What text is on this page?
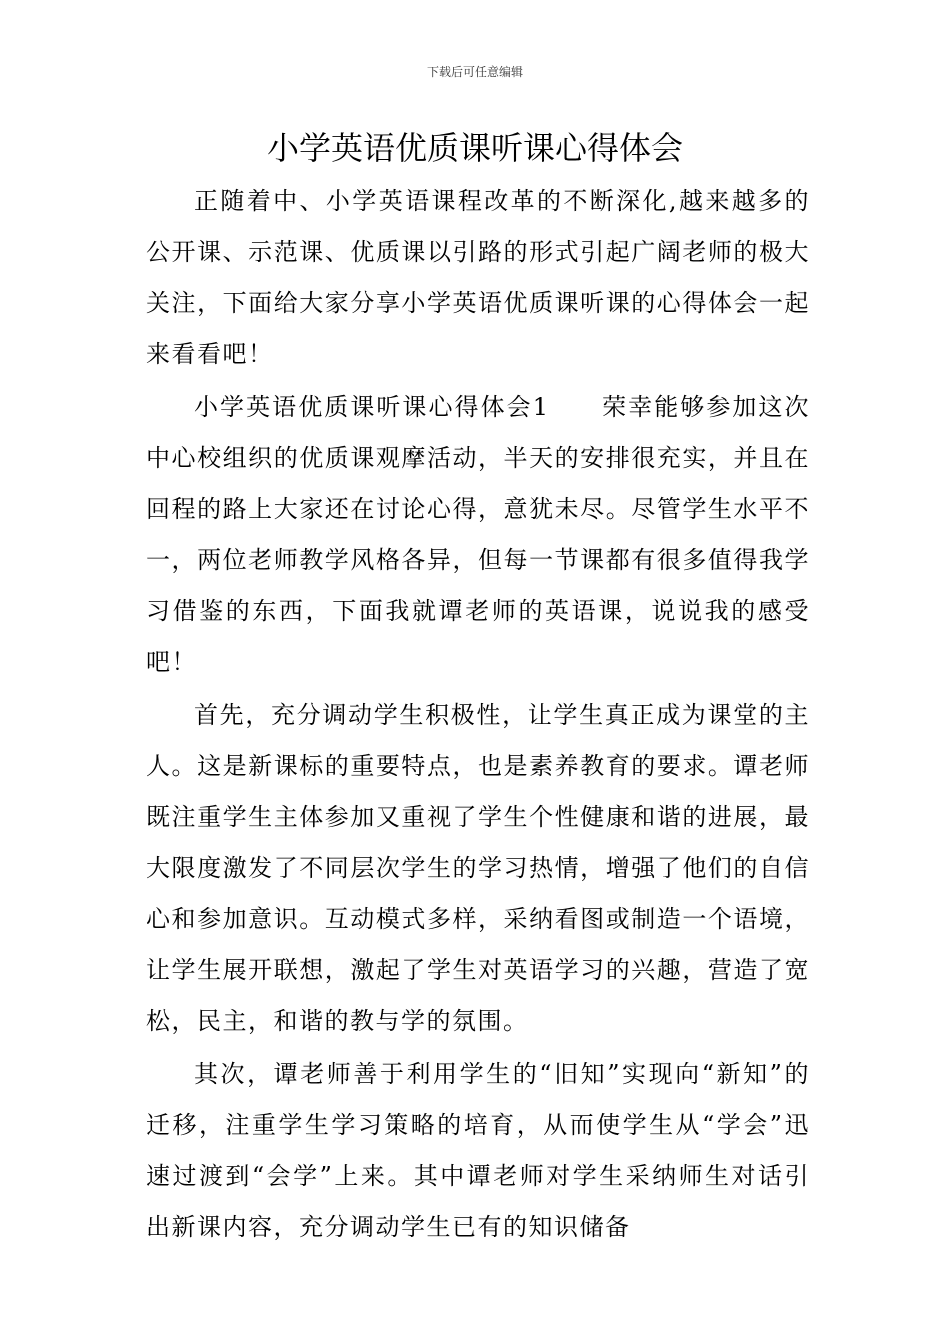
下载后可任意编辑
小学英语优质课听课心得体会

正随着中、小学英语课程改革的不断深化,越来越多的公开课、示范课、优质课以引路的形式引起广阔老师的极大关注，下面给大家分享小学英语优质课听课的心得体会一起来看看吧！

小学英语优质课听课心得体会1　　荣幸能够参加这次中心校组织的优质课观摩活动，半天的安排很充实，并且在回程的路上大家还在讨论心得，意犹未尽。尽管学生水平不一，两位老师教学风格各异，但每一节课都有很多值得我学习借鉴的东西，下面我就谭老师的英语课，说说我的感受吧！

首先，充分调动学生积极性，让学生真正成为课堂的主人。这是新课标的重要特点，也是素养教育的要求。谭老师既注重学生主体参加又重视了学生个性健康和谐的进展，最大限度激发了不同层次学生的学习热情，增强了他们的自信心和参加意识。互动模式多样，采纳看图或制造一个语境，让学生展开联想，激起了学生对英语学习的兴趣，营造了宽松，民主，和谐的教与学的氛围。

其次，谭老师善于利用学生的“旧知”实现向“新知”的迁移，注重学生学习策略的培育，从而使学生从“学会”迅速过渡到“会学”上来。其中谭老师对学生采纳师生对话引出新课内容，充分调动学生已有的知识储备
